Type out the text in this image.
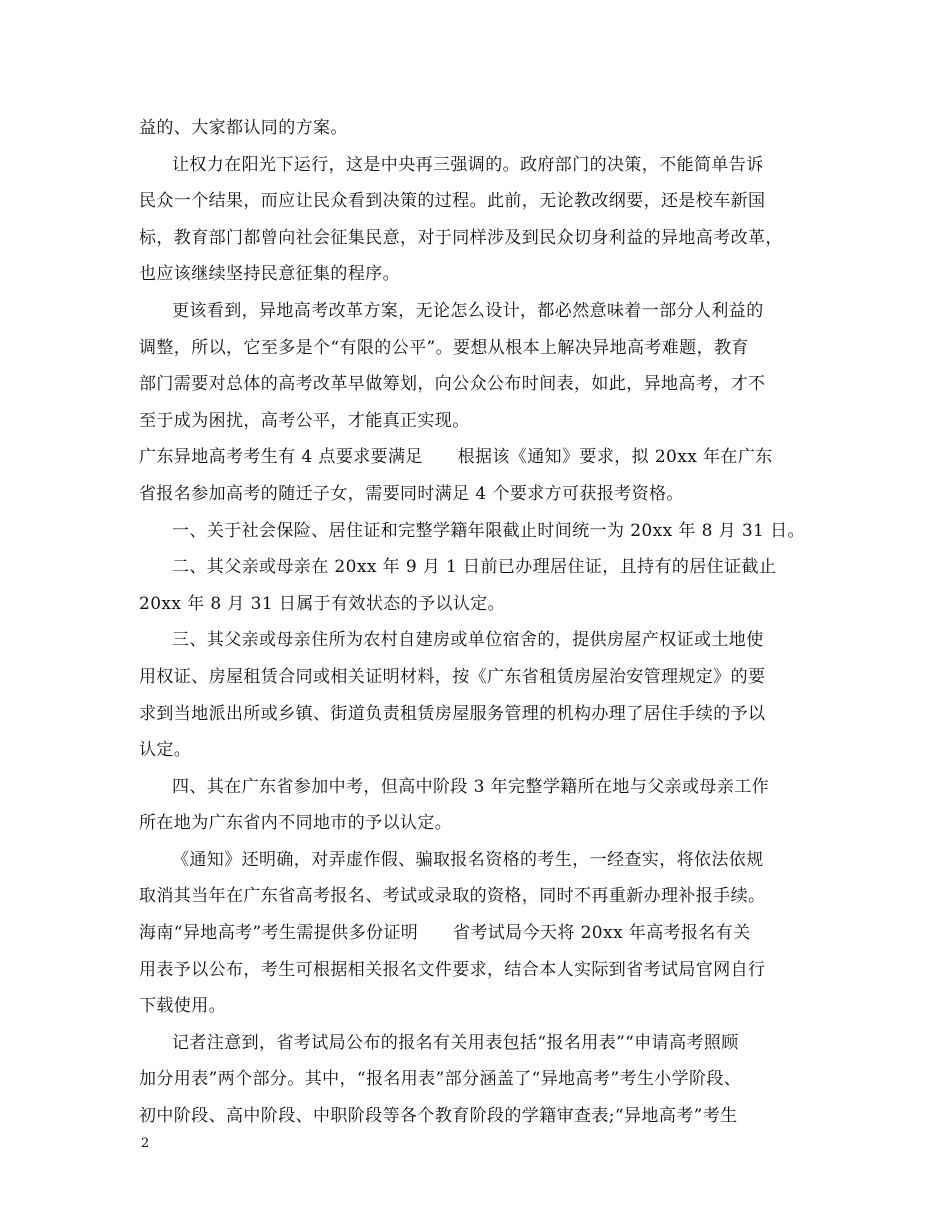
益的、大家都认同的方案。
让权力在阳光下运行，这是中央再三强调的。政府部门的决策，不能简单告诉
民众一个结果，而应让民众看到决策的过程。此前，无论教改纲要，还是校车新国
标，教育部门都曾向社会征集民意，对于同样涉及到民众切身利益的异地高考改革，
也应该继续坚持民意征集的程序。
更该看到，异地高考改革方案，无论怎么设计，都必然意味着一部分人利益的
调整，所以，它至多是个“有限的公平”。要想从根本上解决异地高考难题，教育
部门需要对总体的高考改革早做筹划，向公众公布时间表，如此，异地高考，才不
至于成为困扰，高考公平，才能真正实现。
广东异地高考考生有 4 点要求要满足　　根据该《通知》要求，拟 20xx 年在广东
省报名参加高考的随迁子女，需要同时满足 4 个要求方可获报考资格。
一、关于社会保险、居住证和完整学籍年限截止时间统一为 20xx 年 8 月 31 日。
二、其父亲或母亲在 20xx 年 9 月 1 日前已办理居住证，且持有的居住证截止
20xx 年 8 月 31 日属于有效状态的予以认定。
三、其父亲或母亲住所为农村自建房或单位宿舍的，提供房屋产权证或土地使
用权证、房屋租赁合同或相关证明材料，按《广东省租赁房屋治安管理规定》的要
求到当地派出所或乡镇、街道负责租赁房屋服务管理的机构办理了居住手续的予以
认定。
四、其在广东省参加中考，但高中阶段 3 年完整学籍所在地与父亲或母亲工作
所在地为广东省内不同地市的予以认定。
《通知》还明确，对弄虚作假、骗取报名资格的考生，一经查实，将依法依规
取消其当年在广东省高考报名、考试或录取的资格，同时不再重新办理补报手续。
海南“异地高考”考生需提供多份证明　　省考试局今天将 20xx 年高考报名有关
用表予以公布，考生可根据相关报名文件要求，结合本人实际到省考试局官网自行
下载使用。
记者注意到，省考试局公布的报名有关用表包括“报名用表”“申请高考照顾
加分用表”两个部分。其中，“报名用表”部分涵盖了“异地高考”考生小学阶段、
初中阶段、高中阶段、中职阶段等各个教育阶段的学籍审查表;“异地高考”考生
2
